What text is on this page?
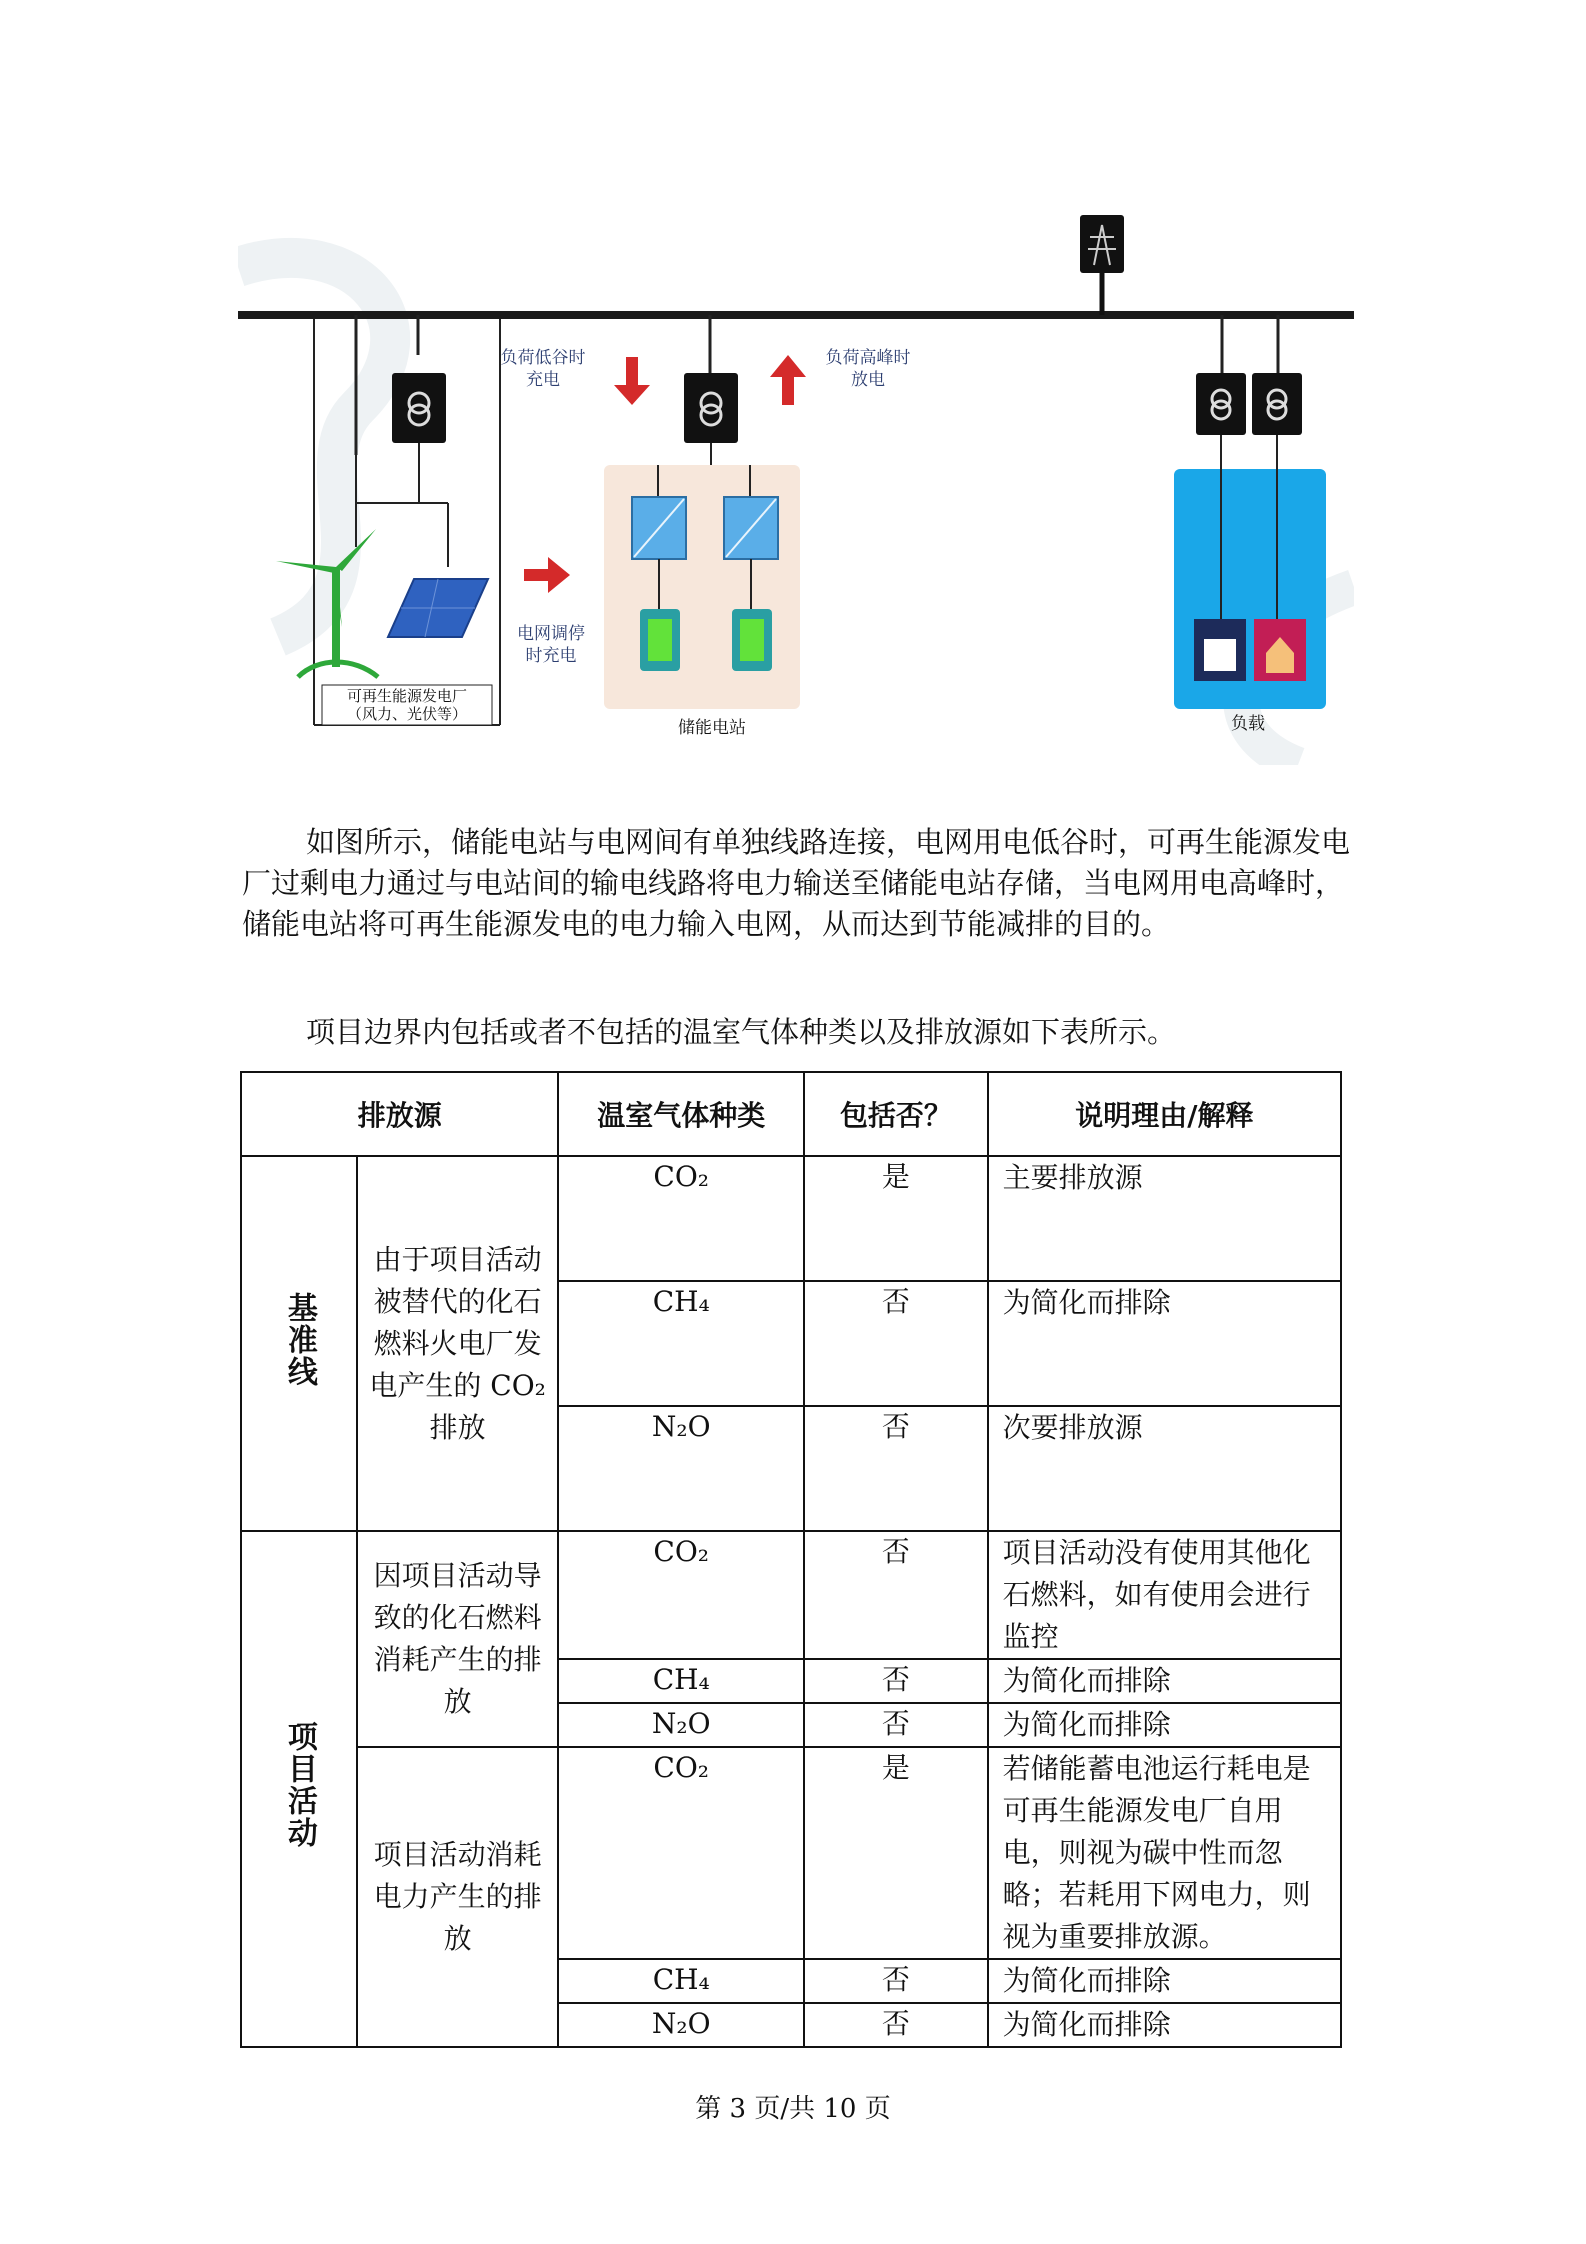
负荷低谷时
充电
负荷高峰时
放电
电网调停
时充电
可再生能源发电厂
（风力、光伏等）
储能电站	负载

如图所示，储能电站与电网间有单独线路连接，电网用电低谷时，可再生能源发电厂过剩电力通过与电站间的输电线路将电力输送至储能电站存储，当电网用电高峰时，储能电站将可再生能源发电的电力输入电网，从而达到节能减排的目的。

项目边界内包括或者不包括的温室气体种类以及排放源如下表所示。

排放源		温室气体种类	包括否？	说明理由/解释
基准线	由于项目活动被替代的化石燃料火电厂发电产生的 CO₂ 排放	CO₂	是	主要排放源
		CH₄	否	为简化而排除
		N₂O	否	次要排放源
项目活动	因项目活动导致的化石燃料消耗产生的排放	CO₂	否	项目活动没有使用其他化石燃料，如有使用会进行监控
		CH₄	否	为简化而排除
		N₂O	否	为简化而排除
	项目活动消耗电力产生的排放	CO₂	是	若储能蓄电池运行耗电是可再生能源发电厂自用电，则视为碳中性而忽略；若耗用下网电力，则视为重要排放源。
		CH₄	否	为简化而排除
		N₂O	否	为简化而排除
第 3 页/共 10 页
